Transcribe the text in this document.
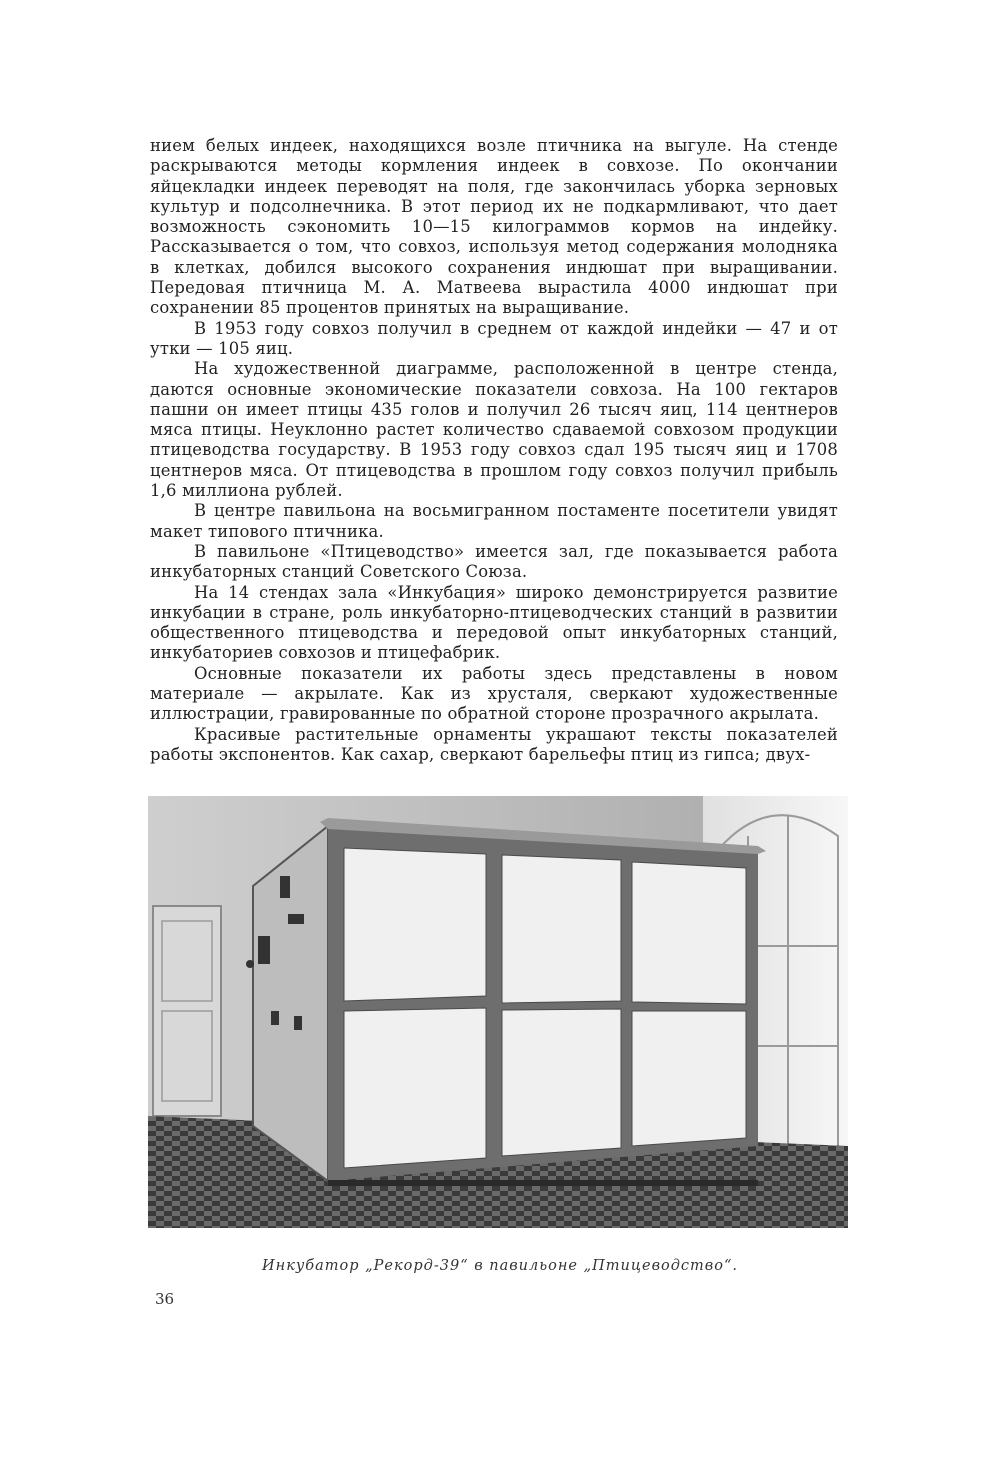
нием белых индеек, находящихся возле птичника на выгуле. На стенде раскрываются методы кормления индеек в совхозе. По окончании яйцекладки индеек переводят на поля, где закончилась уборка зерновых культур и подсолнечника. В этот период их не подкармливают, что дает возможность сэкономить 10—15 килограммов кормов на индейку. Рассказывается о том, что совхоз, используя метод содержания молодняка в клетках, добился высокого сохранения индюшат при выращивании. Передовая птичница М. А. Матвеева вырастила 4000 индюшат при сохранении 85 процентов принятых на выращивание.

В 1953 году совхоз получил в среднем от каждой индейки — 47 и от утки — 105 яиц.

На художественной диаграмме, расположенной в центре стенда, даются основные экономические показатели совхоза. На 100 гектаров пашни он имеет птицы 435 голов и получил 26 тысяч яиц, 114 центнеров мяса птицы. Неуклонно растет количество сдаваемой совхозом продукции птицеводства государству. В 1953 году совхоз сдал 195 тысяч яиц и 1708 центнеров мяса. От птицеводства в прошлом году совхоз получил прибыль 1,6 миллиона рублей.

В центре павильона на восьмигранном постаменте посетители увидят макет типового птичника.

В павильоне «Птицеводство» имеется зал, где показывается работа инкубаторных станций Советского Союза.

На 14 стендах зала «Инкубация» широко демонстрируется развитие инкубации в стране, роль инкубаторно-птицеводческих станций в развитии общественного птицеводства и передовой опыт инкубаторных станций, инкубаториев совхозов и птицефабрик.

Основные показатели их работы здесь представлены в новом материале — акрылате. Как из хрусталя, сверкают художественные иллюстрации, гравированные по обратной стороне прозрачного акрылата.

Красивые растительные орнаменты украшают тексты показателей работы экспонентов. Как сахар, сверкают барельефы птиц из гипса; двух-

Инкубатор „Рекорд-39“ в павильоне „Птицеводство“.
36
